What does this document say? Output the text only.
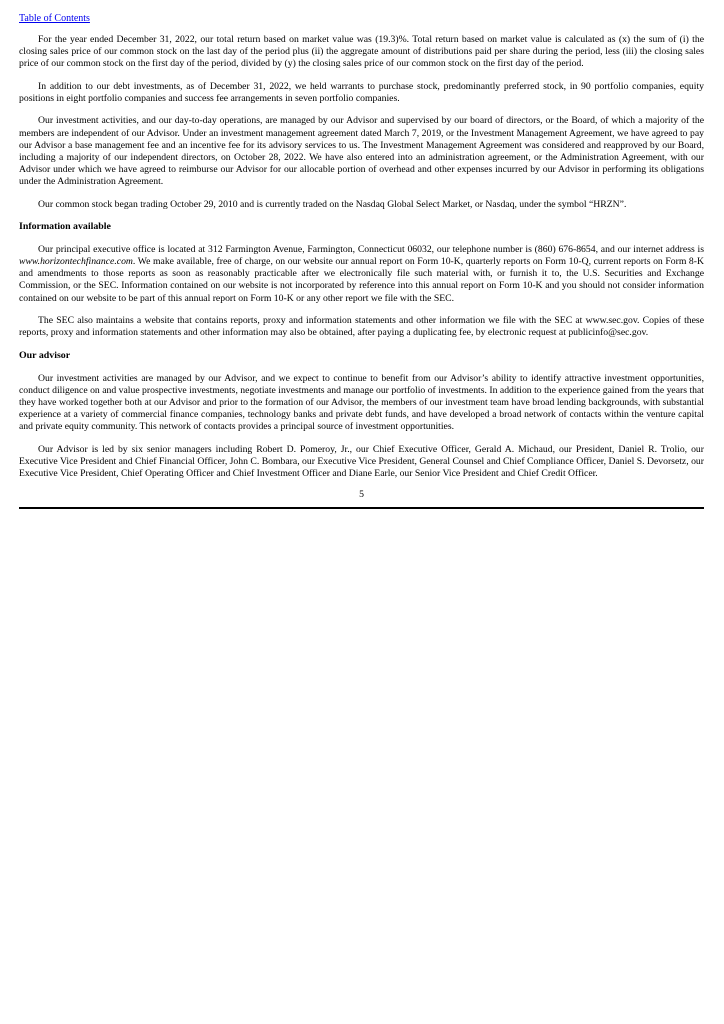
Table of Contents

For the year ended December 31, 2022, our total return based on market value was (19.3)%. Total return based on market value is calculated as (x) the sum of (i) the closing sales price of our common stock on the last day of the period plus (ii) the aggregate amount of distributions paid per share during the period, less (iii) the closing sales price of our common stock on the first day of the period, divided by (y) the closing sales price of our common stock on the first day of the period.

In addition to our debt investments, as of December 31, 2022, we held warrants to purchase stock, predominantly preferred stock, in 90 portfolio companies, equity positions in eight portfolio companies and success fee arrangements in seven portfolio companies.

Our investment activities, and our day-to-day operations, are managed by our Advisor and supervised by our board of directors, or the Board, of which a majority of the members are independent of our Advisor. Under an investment management agreement dated March 7, 2019, or the Investment Management Agreement, we have agreed to pay our Advisor a base management fee and an incentive fee for its advisory services to us. The Investment Management Agreement was considered and reapproved by our Board, including a majority of our independent directors, on October 28, 2022. We have also entered into an administration agreement, or the Administration Agreement, with our Advisor under which we have agreed to reimburse our Advisor for our allocable portion of overhead and other expenses incurred by our Advisor in performing its obligations under the Administration Agreement.

Our common stock began trading October 29, 2010 and is currently traded on the Nasdaq Global Select Market, or Nasdaq, under the symbol “HRZN”.

Information available

Our principal executive office is located at 312 Farmington Avenue, Farmington, Connecticut 06032, our telephone number is (860) 676-8654, and our internet address is www.horizontechfinance.com. We make available, free of charge, on our website our annual report on Form 10-K, quarterly reports on Form 10-Q, current reports on Form 8-K and amendments to those reports as soon as reasonably practicable after we electronically file such material with, or furnish it to, the U.S. Securities and Exchange Commission, or the SEC. Information contained on our website is not incorporated by reference into this annual report on Form 10-K and you should not consider information contained on our website to be part of this annual report on Form 10-K or any other report we file with the SEC.

The SEC also maintains a website that contains reports, proxy and information statements and other information we file with the SEC at www.sec.gov. Copies of these reports, proxy and information statements and other information may also be obtained, after paying a duplicating fee, by electronic request at publicinfo@sec.gov.

Our advisor

Our investment activities are managed by our Advisor, and we expect to continue to benefit from our Advisor’s ability to identify attractive investment opportunities, conduct diligence on and value prospective investments, negotiate investments and manage our portfolio of investments. In addition to the experience gained from the years that they have worked together both at our Advisor and prior to the formation of our Advisor, the members of our investment team have broad lending backgrounds, with substantial experience at a variety of commercial finance companies, technology banks and private debt funds, and have developed a broad network of contacts within the venture capital and private equity community. This network of contacts provides a principal source of investment opportunities.

Our Advisor is led by six senior managers including Robert D. Pomeroy, Jr., our Chief Executive Officer, Gerald A. Michaud, our President, Daniel R. Trolio, our Executive Vice President and Chief Financial Officer, John C. Bombara, our Executive Vice President, General Counsel and Chief Compliance Officer, Daniel S. Devorsetz, our Executive Vice President, Chief Operating Officer and Chief Investment Officer and Diane Earle, our Senior Vice President and Chief Credit Officer.

5
